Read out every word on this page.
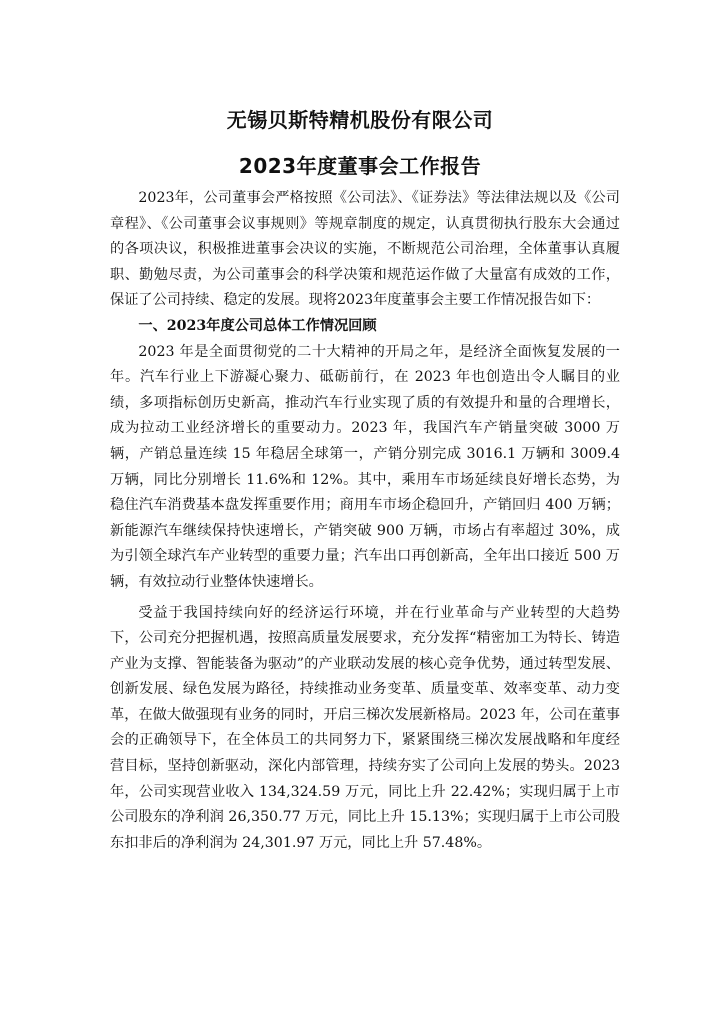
无锡贝斯特精机股份有限公司
2023年度董事会工作报告

2023年，公司董事会严格按照《公司法》、《证券法》等法律法规以及《公司章程》、《公司董事会议事规则》等规章制度的规定，认真贯彻执行股东大会通过的各项决议，积极推进董事会决议的实施，不断规范公司治理，全体董事认真履职、勤勉尽责，为公司董事会的科学决策和规范运作做了大量富有成效的工作，保证了公司持续、稳定的发展。现将2023年度董事会主要工作情况报告如下：

一、2023年度公司总体工作情况回顾

2023 年是全面贯彻党的二十大精神的开局之年，是经济全面恢复发展的一年。汽车行业上下游凝心聚力、砥砺前行，在 2023 年也创造出令人瞩目的业绩，多项指标创历史新高，推动汽车行业实现了质的有效提升和量的合理增长，成为拉动工业经济增长的重要动力。2023 年，我国汽车产销量突破 3000 万辆，产销总量连续 15 年稳居全球第一，产销分别完成 3016.1 万辆和 3009.4 万辆，同比分别增长 11.6%和 12%。其中，乘用车市场延续良好增长态势，为稳住汽车消费基本盘发挥重要作用；商用车市场企稳回升，产销回归 400 万辆；新能源汽车继续保持快速增长，产销突破 900 万辆，市场占有率超过 30%，成为引领全球汽车产业转型的重要力量；汽车出口再创新高，全年出口接近 500 万辆，有效拉动行业整体快速增长。

受益于我国持续向好的经济运行环境，并在行业革命与产业转型的大趋势下，公司充分把握机遇，按照高质量发展要求，充分发挥“精密加工为特长、铸造产业为支撑、智能装备为驱动”的产业联动发展的核心竞争优势，通过转型发展、创新发展、绿色发展为路径，持续推动业务变革、质量变革、效率变革、动力变革，在做大做强现有业务的同时，开启三梯次发展新格局。2023 年，公司在董事会的正确领导下，在全体员工的共同努力下，紧紧围绕三梯次发展战略和年度经营目标，坚持创新驱动，深化内部管理，持续夯实了公司向上发展的势头。2023年，公司实现营业收入 134,324.59 万元，同比上升 22.42%；实现归属于上市公司股东的净利润 26,350.77 万元，同比上升 15.13%；实现归属于上市公司股东扣非后的净利润为 24,301.97 万元，同比上升 57.48%。
